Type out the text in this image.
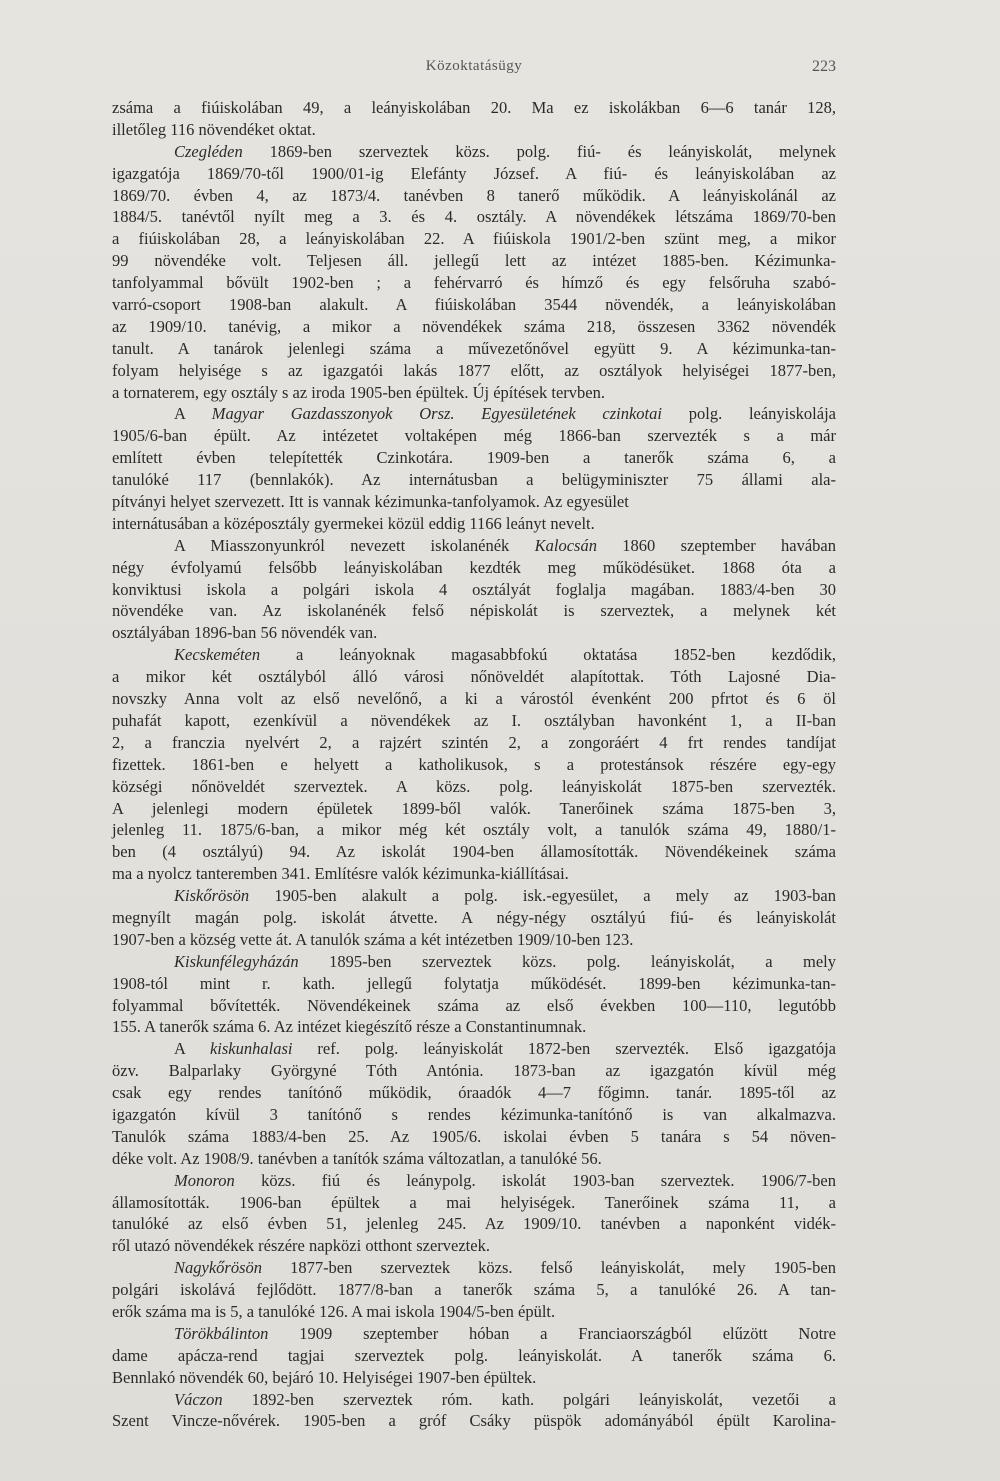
Közoktatásügy	223
zsáma a fiúiskolában 49, a leányiskolában 20. Ma ez iskolákban 6—6 tanár 128,
illetőleg 116 növendéket oktat.
Czegléden 1869-ben szerveztek közs. polg. fiú- és leányiskolát, melynek
igazgatója 1869/70-től 1900/01-ig Elefánty József. A fiú- és leányiskolában az
1869/70. évben 4, az 1873/4. tanévben 8 tanerő működik. A leányiskolánál az
1884/5. tanévtől nyílt meg a 3. és 4. osztály. A növendékek létszáma 1869/70-ben
a fiúiskolában 28, a leányiskolában 22. A fiúiskola 1901/2-ben szünt meg, a mikor
99 növendéke volt. Teljesen áll. jellegű lett az intézet 1885-ben. Kézimunka-
tanfolyammal bővült 1902-ben ; a fehérvarró és hímző és egy felsőruha szabó-
varró-csoport 1908-ban alakult. A fiúiskolában 3544 növendék, a leányiskolában
az 1909/10. tanévig, a mikor a növendékek száma 218, összesen 3362 növendék
tanult. A tanárok jelenlegi száma a művezetőnővel együtt 9. A kézimunka-tan-
folyam helyisége s az igazgatói lakás 1877 előtt, az osztályok helyiségei 1877-ben,
a tornaterem, egy osztály s az iroda 1905-ben épültek. Új építések tervben.
A Magyar Gazdasszonyok Orsz. Egyesületének czinkotai polg. leányiskolája
1905/6-ban épült. Az intézetet voltaképen még 1866-ban szervezték s a már
említett évben telepítették Czinkotára. 1909-ben a tanerők száma 6, a
tanulóké 117 (bennlakók). Az internátusban a belügyminiszter 75 állami ala-
pítványi helyet szervezett. Itt is vannak kézimunka-tanfolyamok. Az egyesület
internátusában a középosztály gyermekei közül eddig 1166 leányt nevelt.
A Miasszonyunkról nevezett iskolanénék Kalocsán 1860 szeptember havában
négy évfolyamú felsőbb leányiskolában kezdték meg működésüket. 1868 óta a
konviktusi iskola a polgári iskola 4 osztályát foglalja magában. 1883/4-ben 30
növendéke van. Az iskolanénék felső népiskolát is szerveztek, a melynek két
osztályában 1896-ban 56 növendék van.
Kecskeméten a leányoknak magasabbfokú oktatása 1852-ben kezdődik,
a mikor két osztályból álló városi nőnöveldét alapítottak. Tóth Lajosné Dia-
novszky Anna volt az első nevelőnő, a ki a várostól évenként 200 pfrtot és 6 öl
puhafát kapott, ezenkívül a növendékek az I. osztályban havonként 1, a II-ban
2, a franczia nyelvért 2, a rajzért szintén 2, a zongoráért 4 frt rendes tandíjat
fizettek. 1861-ben e helyett a katholikusok, s a protestánsok részére egy-egy
községi nőnöveldét szerveztek. A közs. polg. leányiskolát 1875-ben szervezték.
A jelenlegi modern épületek 1899-ből valók. Tanerőinek száma 1875-ben 3,
jelenleg 11. 1875/6-ban, a mikor még két osztály volt, a tanulók száma 49, 1880/1-
ben (4 osztályú) 94. Az iskolát 1904-ben államosították. Növendékeinek száma
ma a nyolcz tanteremben 341. Említésre valók kézimunka-kiállításai.
Kiskőrösön 1905-ben alakult a polg. isk.-egyesület, a mely az 1903-ban
megnyílt magán polg. iskolát átvette. A négy-négy osztályú fiú- és leányiskolát
1907-ben a község vette át. A tanulók száma a két intézetben 1909/10-ben 123.
Kiskunfélegyházán 1895-ben szerveztek közs. polg. leányiskolát, a mely
1908-tól mint r. kath. jellegű folytatja működését. 1899-ben kézimunka-tan-
folyammal bővítették. Növendékeinek száma az első években 100—110, legutóbb
155. A tanerők száma 6. Az intézet kiegészítő része a Constantinumnak.
A kiskunhalasi ref. polg. leányiskolát 1872-ben szervezték. Első igazgatója
özv. Balparlaky Györgyné Tóth Antónia. 1873-ban az igazgatón kívül még
csak egy rendes tanítónő működik, óraadók 4—7 főgimn. tanár. 1895-től az
igazgatón kívül 3 tanítónő s rendes kézimunka-tanítónő is van alkalmazva.
Tanulók száma 1883/4-ben 25. Az 1905/6. iskolai évben 5 tanára s 54 növen-
déke volt. Az 1908/9. tanévben a tanítók száma változatlan, a tanulóké 56.
Monoron közs. fiú és leánypolg. iskolát 1903-ban szerveztek. 1906/7-ben
államosították. 1906-ban épültek a mai helyiségek. Tanerőinek száma 11, a
tanulóké az első évben 51, jelenleg 245. Az 1909/10. tanévben a naponként vidék-
ről utazó növendékek részére napközi otthont szerveztek.
Nagykőrösön 1877-ben szerveztek közs. felső leányiskolát, mely 1905-ben
polgári iskolává fejlődött. 1877/8-ban a tanerők száma 5, a tanulóké 26. A tan-
erők száma ma is 5, a tanulóké 126. A mai iskola 1904/5-ben épült.
Törökbálinton 1909 szeptember hóban a Franciaországból elűzött Notre
dame apácza-rend tagjai szerveztek polg. leányiskolát. A tanerők száma 6.
Bennlakó növendék 60, bejáró 10. Helyiségei 1907-ben épültek.
Váczon 1892-ben szerveztek róm. kath. polgári leányiskolát, vezetői a
Szent Vincze-nővérek. 1905-ben a gróf Csáky püspök adományából épült Karolina-
